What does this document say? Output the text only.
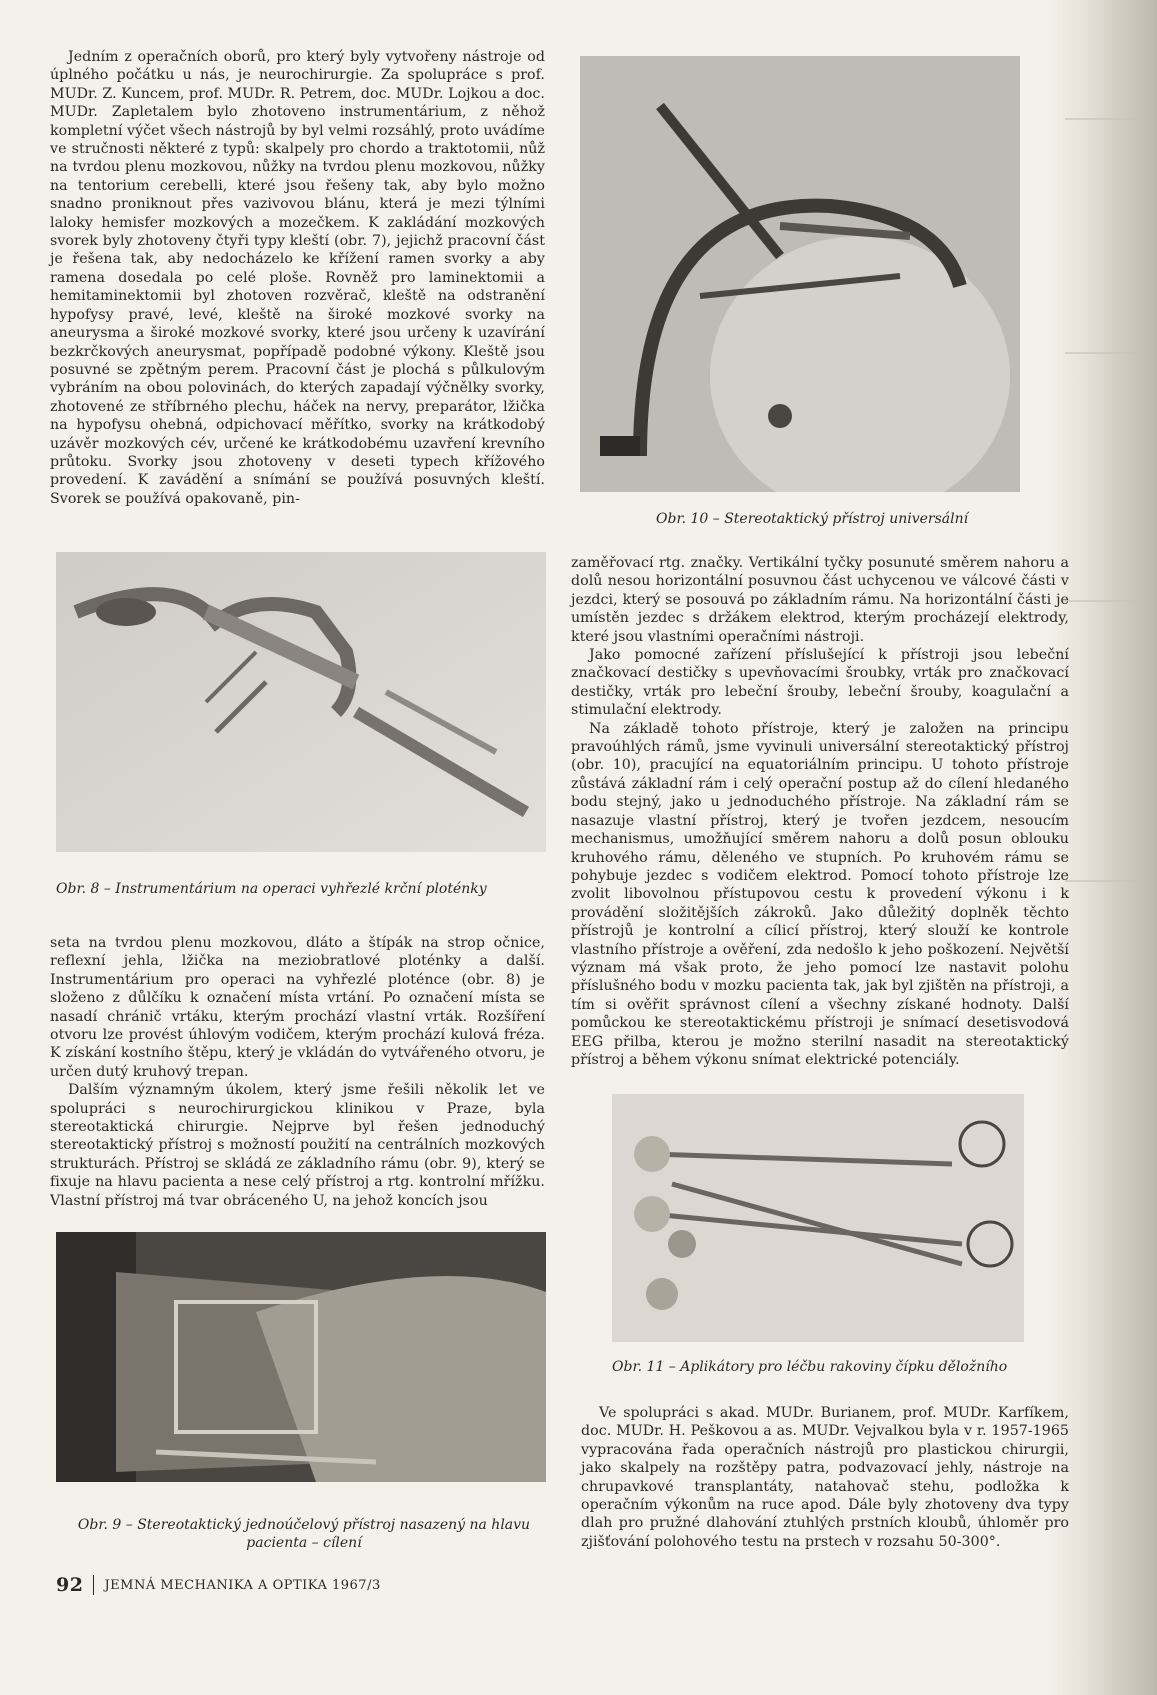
Jedním z operačních oborů, pro který byly vytvořeny nástroje od úplného počátku u nás, je neurochirurgie. Za spolupráce s prof. MUDr. Z. Kuncem, prof. MUDr. R. Petrem, doc. MUDr. Lojkou a doc. MUDr. Zapletalem bylo zhotoveno instrumentárium, z něhož kompletní výčet všech nástrojů by byl velmi rozsáhlý, proto uvádíme ve stručnosti některé z typů: skalpely pro chordo a traktotomii, nůž na tvrdou plenu mozkovou, nůžky na tvrdou plenu mozkovou, nůžky na tentorium cerebelli, které jsou řešeny tak, aby bylo možno snadno proniknout přes vazivovou blánu, která je mezi týlními laloky hemisfer mozkových a mozečkem. K zakládání mozkových svorek byly zhotoveny čtyři typy kleští (obr. 7), jejichž pracovní část je řešena tak, aby nedocházelo ke křížení ramen svorky a aby ramena dosedala po celé ploše. Rovněž pro laminektomii a hemitaminektomii byl zhotoven rozvěrač, kleště na odstranění hypofysy pravé, levé, kleště na široké mozkové svorky na aneurysma a široké mozkové svorky, které jsou určeny k uzavírání bezkrčkových aneurysmat, popřípadě podobné výkony. Kleště jsou posuvné se zpětným perem. Pracovní část je plochá s půlkulovým vybráním na obou polovinách, do kterých zapadají výčnělky svorky, zhotovené ze stříbrného plechu, háček na nervy, preparátor, lžička na hypofysu ohebná, odpichovací měřítko, svorky na krátkodobý uzávěr mozkových cév, určené ke krátkodobému uzavření krevního průtoku. Svorky jsou zhotoveny v deseti typech křížového provedení. K zavádění a snímání se používá posuvných kleští. Svorek se používá opakovaně, pin-

Obr. 8 – Instrumentárium na operaci vyhřezlé krční ploténky

seta na tvrdou plenu mozkovou, dláto a štípák na strop očnice, reflexní jehla, lžička na meziobratlové ploténky a další. Instrumentárium pro operaci na vyhřezlé ploténce (obr. 8) je složeno z důlčíku k označení místa vrtání. Po označení místa se nasadí chránič vrtáku, kterým prochází vlastní vrták. Rozšíření otvoru lze provést úhlovým vodičem, kterým prochází kulová fréza. K získání kostního štěpu, který je vkládán do vytvářeného otvoru, je určen dutý kruhový trepan.

Dalším významným úkolem, který jsme řešili několik let ve spolupráci s neurochirurgickou klinikou v Praze, byla stereotaktická chirurgie. Nejprve byl řešen jednoduchý stereotaktický přístroj s možností použití na centrálních mozkových strukturách. Přístroj se skládá ze základního rámu (obr. 9), který se fixuje na hlavu pacienta a nese celý přístroj a rtg. kontrolní mřížku. Vlastní přístroj má tvar obráceného U, na jehož koncích jsou

Obr. 9 – Stereotaktický jednoúčelový přístroj nasazený na hlavu pacienta – cílení
Obr. 10 – Stereotaktický přístroj universální

zaměřovací rtg. značky. Vertikální tyčky posunuté směrem nahoru a dolů nesou horizontální posuvnou část uchycenou ve válcové části v jezdci, který se posouvá po základním rámu. Na horizontální části je umístěn jezdec s držákem elektrod, kterým procházejí elektrody, které jsou vlastními operačními nástroji.

Jako pomocné zařízení příslušející k přístroji jsou lebeční značkovací destičky s upevňovacími šroubky, vrták pro značkovací destičky, vrták pro lebeční šrouby, lebeční šrouby, koagulační a stimulační elektrody.

Na základě tohoto přístroje, který je založen na principu pravoúhlých rámů, jsme vyvinuli universální stereotaktický přístroj (obr. 10), pracující na equatoriálním principu. U tohoto přístroje zůstává základní rám i celý operační postup až do cílení hledaného bodu stejný, jako u jednoduchého přístroje. Na základní rám se nasazuje vlastní přístroj, který je tvořen jezdcem, nesoucím mechanismus, umožňující směrem nahoru a dolů posun oblouku kruhového rámu, děleného ve stupních. Po kruhovém rámu se pohybuje jezdec s vodičem elektrod. Pomocí tohoto přístroje lze zvolit libovolnou přístupovou cestu k provedení výkonu i k provádění složitějších zákroků. Jako důležitý doplněk těchto přístrojů je kontrolní a cílicí přístroj, který slouží ke kontrole vlastního přístroje a ověření, zda nedošlo k jeho poškození. Největší význam má však proto, že jeho pomocí lze nastavit polohu příslušného bodu v mozku pacienta tak, jak byl zjištěn na přístroji, a tím si ověřit správnost cílení a všechny získané hodnoty. Další pomůckou ke stereotaktickému přístroji je snímací desetisvodová EEG přilba, kterou je možno sterilní nasadit na stereotaktický přístroj a během výkonu snímat elektrické potenciály.

Obr. 11 – Aplikátory pro léčbu rakoviny čípku děložního

Ve spolupráci s akad. MUDr. Burianem, prof. MUDr. Karfíkem, doc. MUDr. H. Peškovou a as. MUDr. Vejvalkou byla v r. 1957-1965 vypracována řada operačních nástrojů pro plastickou chirurgii, jako skalpely na rozštěpy patra, podvazovací jehly, nástroje na chrupavkové transplantáty, natahovač stehu, podložka k operačním výkonům na ruce apod. Dále byly zhotoveny dva typy dlah pro pružné dlahování ztuhlých prstních kloubů, úhloměr pro zjišťování polohového testu na prstech v rozsahu 50-300°.

92 JEMNÁ MECHANIKA A OPTIKA 1967/3
